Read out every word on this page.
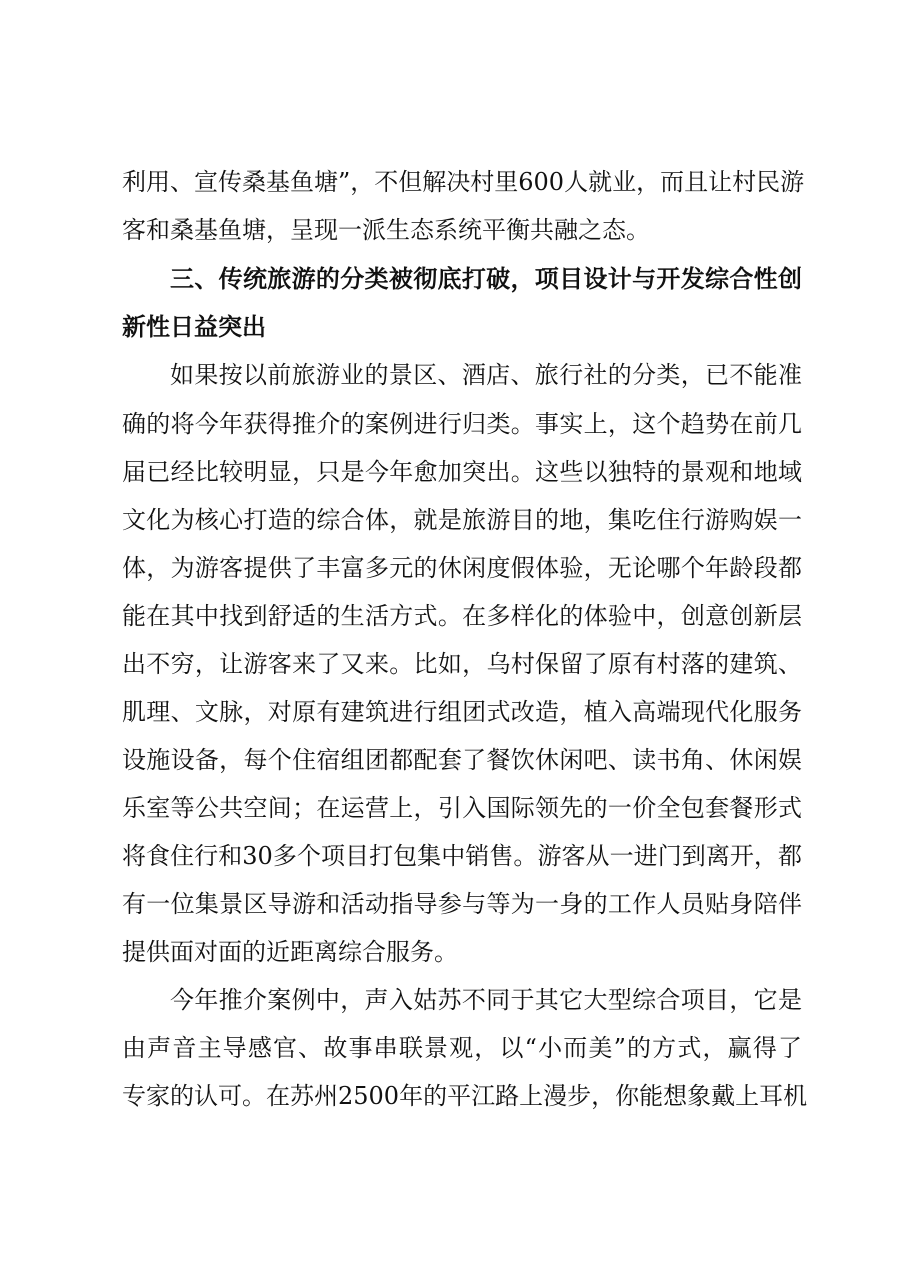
利用、宣传桑基鱼塘”，不但解决村里600人就业，而且让村民游
客和桑基鱼塘，呈现一派生态系统平衡共融之态。
三、传统旅游的分类被彻底打破，项目设计与开发综合性创
新性日益突出
如果按以前旅游业的景区、酒店、旅行社的分类，已不能准
确的将今年获得推介的案例进行归类。事实上，这个趋势在前几
届已经比较明显，只是今年愈加突出。这些以独特的景观和地域
文化为核心打造的综合体，就是旅游目的地，集吃住行游购娱一
体，为游客提供了丰富多元的休闲度假体验，无论哪个年龄段都
能在其中找到舒适的生活方式。在多样化的体验中，创意创新层
出不穷，让游客来了又来。比如，乌村保留了原有村落的建筑、
肌理、文脉，对原有建筑进行组团式改造，植入高端现代化服务
设施设备，每个住宿组团都配套了餐饮休闲吧、读书角、休闲娱
乐室等公共空间；在运营上，引入国际领先的一价全包套餐形式
将食住行和30多个项目打包集中销售。游客从一进门到离开，都
有一位集景区导游和活动指导参与等为一身的工作人员贴身陪伴
提供面对面的近距离综合服务。
今年推介案例中，声入姑苏不同于其它大型综合项目，它是
由声音主导感官、故事串联景观，以“小而美”的方式，赢得了
专家的认可。在苏州2500年的平江路上漫步，你能想象戴上耳机
